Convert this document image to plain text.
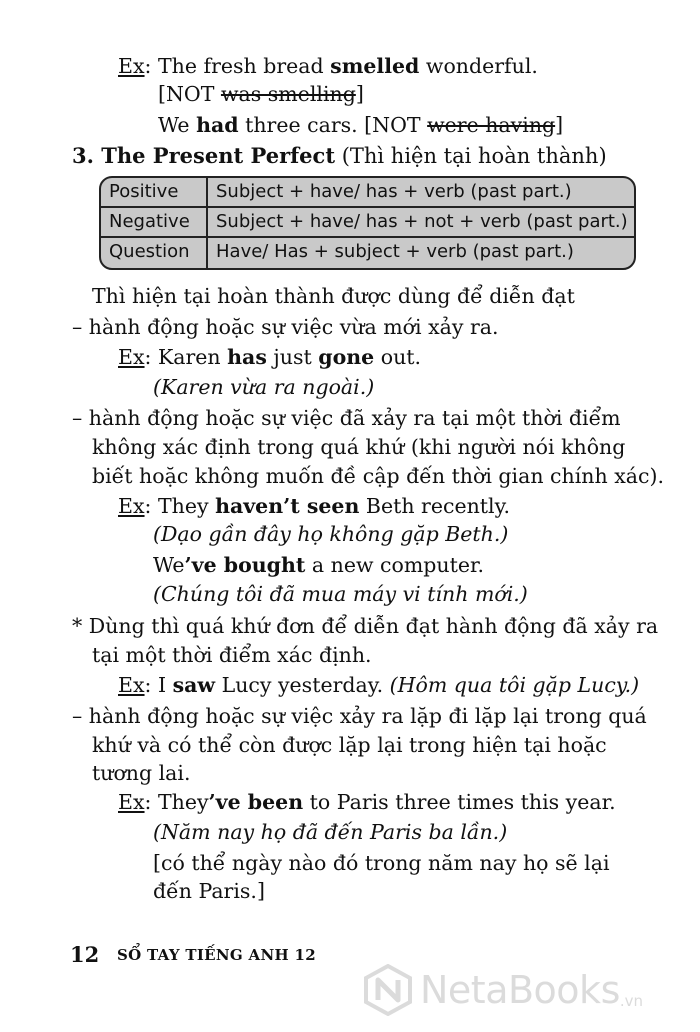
Ex: The fresh bread smelled wonderful.
[NOT was smelling]
We had three cars. [NOT were having]
3. The Present Perfect (Thì hiện tại hoàn thành)
Positive	Subject + have/ has + verb (past part.)
Negative	Subject + have/ has + not + verb (past part.)
Question	Have/ Has + subject + verb (past part.)
Thì hiện tại hoàn thành được dùng để diễn đạt
– hành động hoặc sự việc vừa mới xảy ra.
Ex: Karen has just gone out.
(Karen vừa ra ngoài.)
– hành động hoặc sự việc đã xảy ra tại một thời điểm
không xác định trong quá khứ (khi người nói không
biết hoặc không muốn đề cập đến thời gian chính xác).
Ex: They haven’t seen Beth recently.
(Dạo gần đây họ không gặp Beth.)
We’ve bought a new computer.
(Chúng tôi đã mua máy vi tính mới.)
* Dùng thì quá khứ đơn để diễn đạt hành động đã xảy ra
tại một thời điểm xác định.
Ex: I saw Lucy yesterday. (Hôm qua tôi gặp Lucy.)
– hành động hoặc sự việc xảy ra lặp đi lặp lại trong quá
khứ và có thể còn được lặp lại trong hiện tại hoặc
tương lai.
Ex: They’ve been to Paris three times this year.
(Năm nay họ đã đến Paris ba lần.)
[có thể ngày nào đó trong năm nay họ sẽ lại
đến Paris.]
12 SỔ TAY TIẾNG ANH 12
NetaBooks .vn
